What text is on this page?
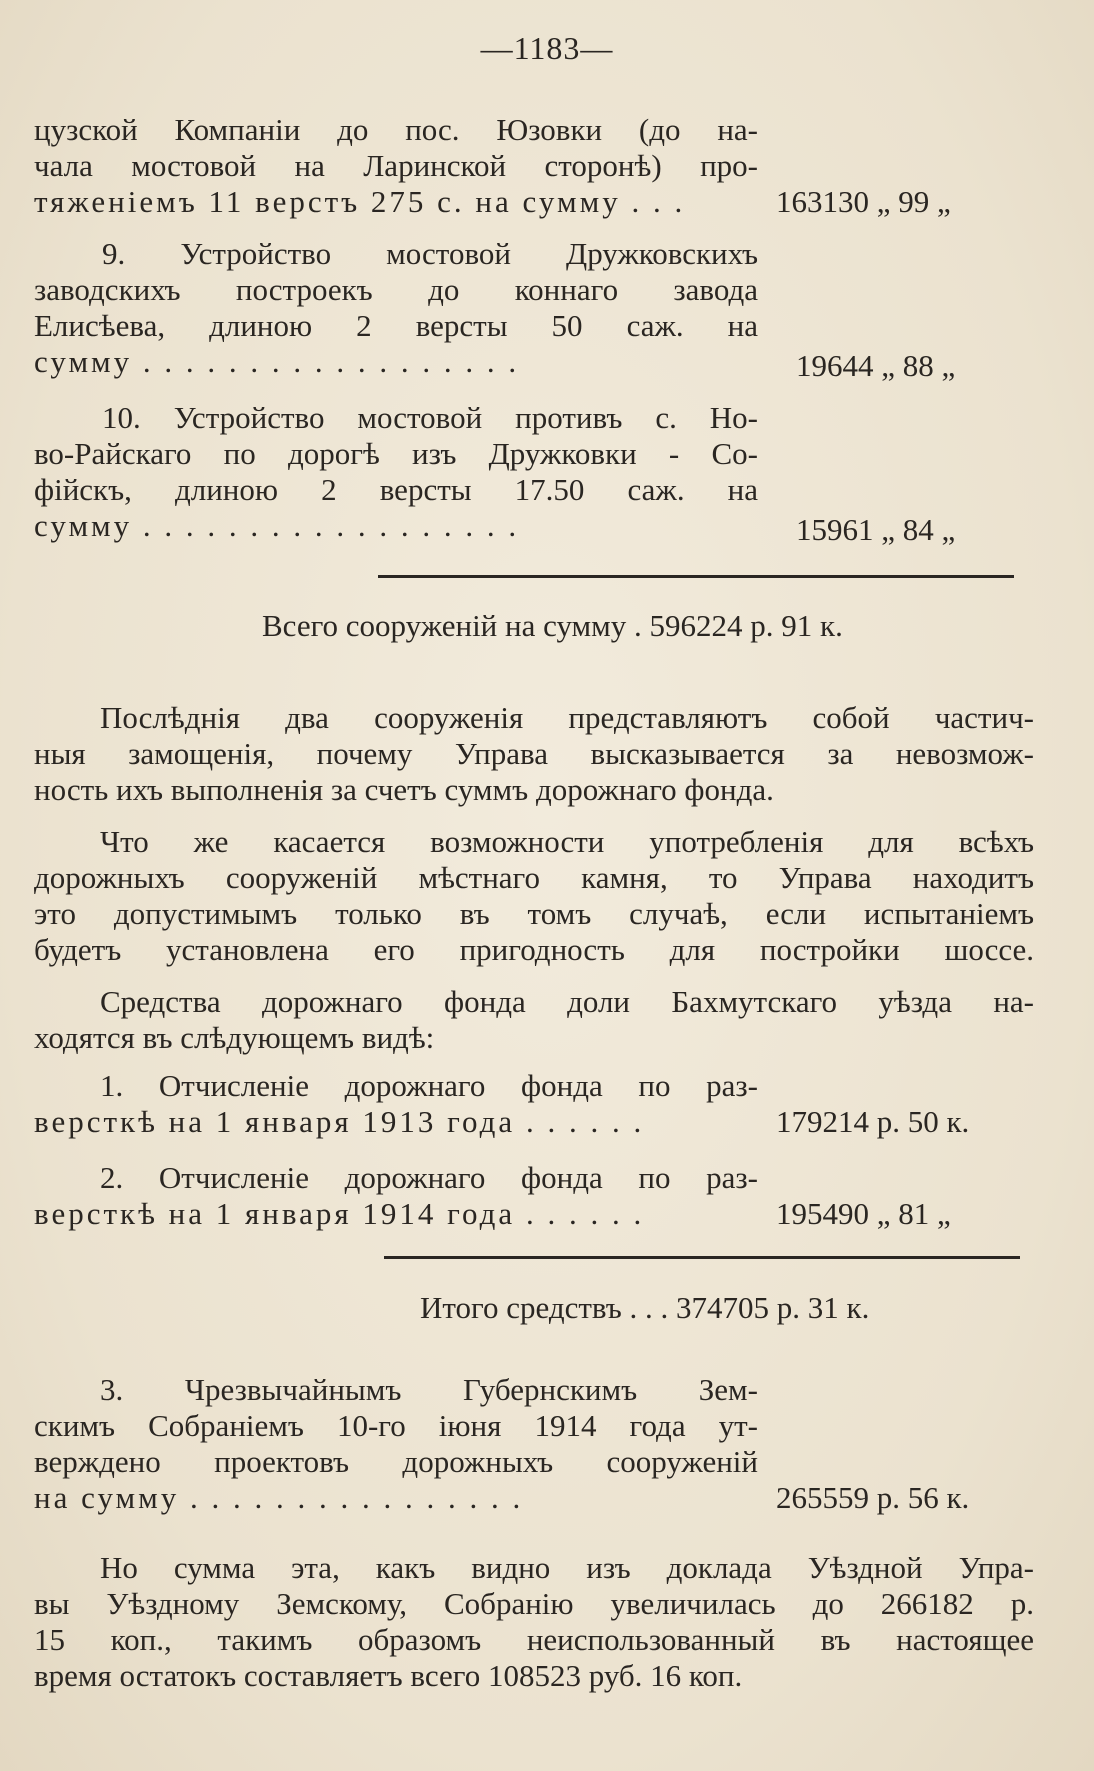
—1183—
цузской Компаніи до пос. Юзовки (до на-
чала мостовой на Ларинской сторонѣ) про-
тяженіемъ 11 верстъ 275 с. на сумму . . .	163130 „ 99 „
9. Устройство мостовой Дружковскихъ
заводскихъ построекъ до коннаго завода
Елисѣева, длиною 2 версты 50 саж. на
сумму . . . . . . . . . . . . . . . . . .	19644 „ 88 „
10. Устройство мостовой противъ с. Но-
во-Райскаго по дорогѣ изъ Дружковки - Со-
фійскъ, длиною 2 версты 17.50 саж. на
сумму . . . . . . . . . . . . . . . . . .	15961 „ 84 „
Всего сооруженій на сумму . 596224 р. 91 к.
Послѣднія два сооруженія представляютъ собой частич-
ныя замощенія, почему Управа высказывается за невозмож-
ность ихъ выполненія за счетъ суммъ дорожнаго фонда.
Что же касается возможности употребленія для всѣхъ
дорожныхъ сооруженій мѣстнаго камня, то Управа находитъ
это допустимымъ только въ томъ случаѣ, если испытаніемъ
будетъ установлена его пригодность для постройки шоссе.
Средства дорожнаго фонда доли Бахмутскаго уѣзда на-
ходятся въ слѣдующемъ видѣ:
1. Отчисленіе дорожнаго фонда по раз-
версткѣ на 1 января 1913 года . . . . . .	179214 р. 50 к.
2. Отчисленіе дорожнаго фонда по раз-
версткѣ на 1 января 1914 года . . . . . .	195490 „ 81 „
Итого средствъ . . . 374705 р. 31 к.
3. Чрезвычайнымъ Губернскимъ Зем-
скимъ Собраніемъ 10-го іюня 1914 года ут-
верждено проектовъ дорожныхъ сооруженій
на сумму . . . . . . . . . . . . . . . .	265559 р. 56 к.
Но сумма эта, какъ видно изъ доклада Уѣздной Упра-
вы Уѣздному Земскому, Собранію увеличилась до 266182 р.
15 коп., такимъ образомъ неиспользованный въ настоящее
время остатокъ составляетъ всего 108523 руб. 16 коп.
